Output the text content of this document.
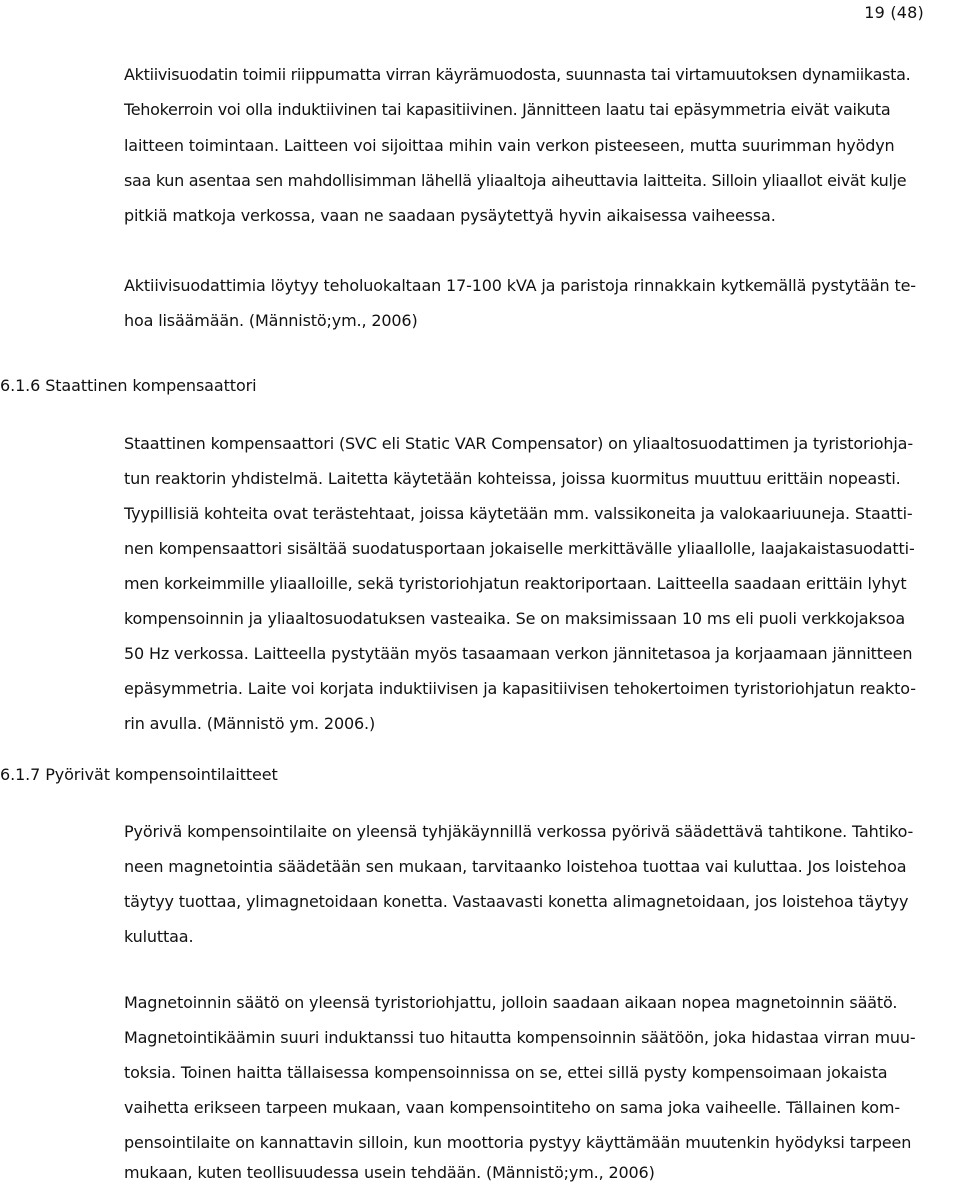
19 (48)
Aktiivisuodatin toimii riippumatta virran käyrämuodosta, suunnasta tai virtamuutoksen dynamiikasta.
Tehokerroin voi olla induktiivinen tai kapasitiivinen. Jännitteen laatu tai epäsymmetria eivät vaikuta
laitteen toimintaan. Laitteen voi sijoittaa mihin vain verkon pisteeseen, mutta suurimman hyödyn
saa kun asentaa sen mahdollisimman lähellä yliaaltoja aiheuttavia laitteita. Silloin yliaallot eivät kulje
pitkiä matkoja verkossa, vaan ne saadaan pysäytettyä hyvin aikaisessa vaiheessa.
Aktiivisuodattimia löytyy teholuokaltaan 17-100 kVA ja paristoja rinnakkain kytkemällä pystytään te-
hoa lisäämään. (Männistö;ym., 2006)
6.1.6 Staattinen kompensaattori
Staattinen kompensaattori (SVC eli Static VAR Compensator) on yliaaltosuodattimen ja tyristoriohja-
tun reaktorin yhdistelmä. Laitetta käytetään kohteissa, joissa kuormitus muuttuu erittäin nopeasti.
Tyypillisiä kohteita ovat terästehtaat, joissa käytetään mm. valssikoneita ja valokaariuuneja. Staatti-
nen kompensaattori sisältää suodatusportaan jokaiselle merkittävälle yliaallolle, laajakaistasuodatti-
men korkeimmille yliaalloille, sekä tyristoriohjatun reaktoriportaan. Laitteella saadaan erittäin lyhyt
kompensoinnin ja yliaaltosuodatuksen vasteaika. Se on maksimissaan 10 ms eli puoli verkkojaksoa
50 Hz verkossa. Laitteella pystytään myös tasaamaan verkon jännitetasoa ja korjaamaan jännitteen
epäsymmetria. Laite voi korjata induktiivisen ja kapasitiivisen tehokertoimen tyristoriohjatun reakto-
rin avulla. (Männistö ym. 2006.)
6.1.7 Pyörivät kompensointilaitteet
Pyörivä kompensointilaite on yleensä tyhjäkäynnillä verkossa pyörivä säädettävä tahtikone. Tahtiko-
neen magnetointia säädetään sen mukaan, tarvitaanko loistehoa tuottaa vai kuluttaa. Jos loistehoa
täytyy tuottaa, ylimagnetoidaan konetta. Vastaavasti konetta alimagnetoidaan, jos loistehoa täytyy
kuluttaa.
Magnetoinnin säätö on yleensä tyristoriohjattu, jolloin saadaan aikaan nopea magnetoinnin säätö.
Magnetointikäämin suuri induktanssi tuo hitautta kompensoinnin säätöön, joka hidastaa virran muu-
toksia. Toinen haitta tällaisessa kompensoinnissa on se, ettei sillä pysty kompensoimaan jokaista
vaihetta erikseen tarpeen mukaan, vaan kompensointiteho on sama joka vaiheelle. Tällainen kom-
pensointilaite on kannattavin silloin, kun moottoria pystyy käyttämään muutenkin hyödyksi tarpeen
mukaan, kuten teollisuudessa usein tehdään. (Männistö;ym., 2006)
